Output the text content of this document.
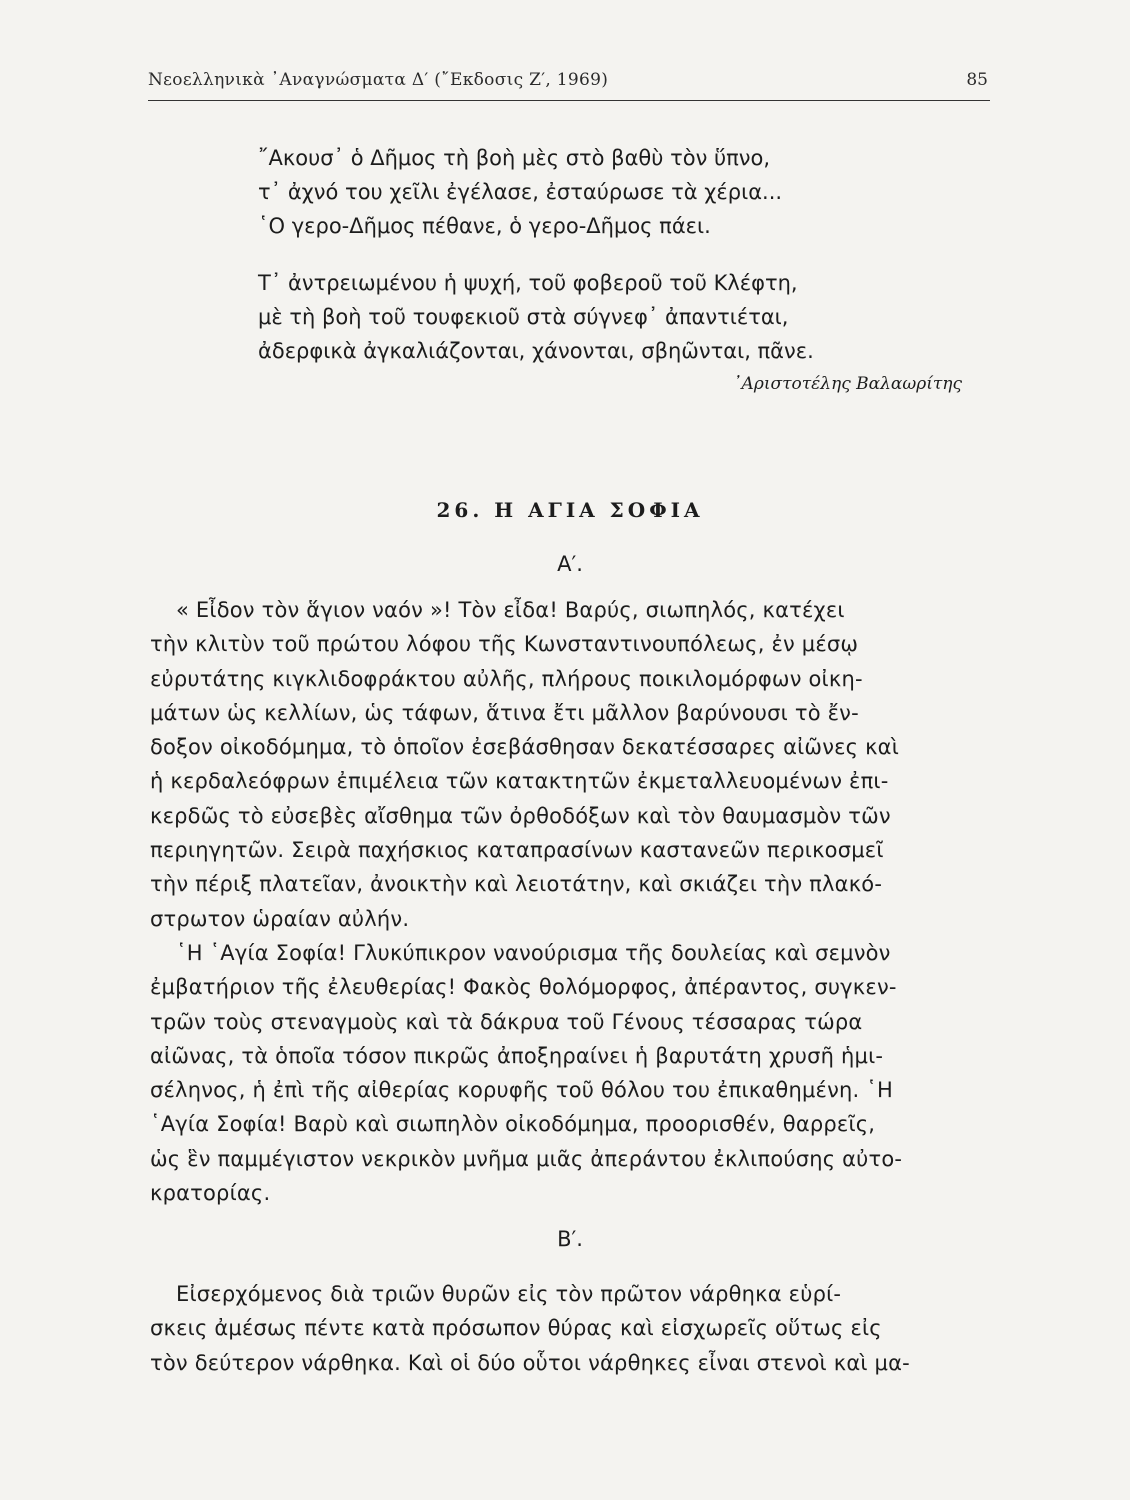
Νεοελληνικὰ ᾿Αναγνώσματα Δ′ (῎Εκδοσις Ζ′, 1969)	85
῎Ακουσ᾿ ὁ Δῆμος τὴ βοὴ μὲς στὸ βαθὺ τὸν ὕπνο,
τ᾿ ἀχνό του χεῖλι ἐγέλασε, ἐσταύρωσε τὰ χέρια...
῾Ο γερο-Δῆμος πέθανε, ὁ γερο-Δῆμος πάει.
Τ᾿ ἀντρειωμένου ἡ ψυχή, τοῦ φοβεροῦ τοῦ Κλέφτη,
μὲ τὴ βοὴ τοῦ τουφεκιοῦ στὰ σύγνεφ᾿ ἀπαντιέται,
ἀδερφικὰ ἀγκαλιάζονται, χάνονται, σβηῶνται, πᾶνε.
᾿Αριστοτέλης Βαλαωρίτης
26. Η ΑΓΙΑ ΣΟΦΙΑ
Α′.
« Εἶδον τὸν ἅγιον ναόν »! Τὸν εἶδα! Βαρύς, σιωπηλός, κατέχει
τὴν κλιτὺν τοῦ πρώτου λόφου τῆς Κωνσταντινουπόλεως, ἐν μέσῳ
εὐρυτάτης κιγκλιδοφράκτου αὐλῆς, πλήρους ποικιλομόρφων οἰκη-
μάτων ὡς κελλίων, ὡς τάφων, ἅτινα ἔτι μᾶλλον βαρύνουσι τὸ ἔν-
δοξον οἰκοδόμημα, τὸ ὁποῖον ἐσεβάσθησαν δεκατέσσαρες αἰῶνες καὶ
ἡ κερδαλεόφρων ἐπιμέλεια τῶν κατακτητῶν ἐκμεταλλευομένων ἐπι-
κερδῶς τὸ εὐσεβὲς αἴσθημα τῶν ὀρθοδόξων καὶ τὸν θαυμασμὸν τῶν
περιηγητῶν. Σειρὰ παχήσκιος καταπρασίνων καστανεῶν περικοσμεῖ
τὴν πέριξ πλατεῖαν, ἀνοικτὴν καὶ λειοτάτην, καὶ σκιάζει τὴν πλακό-
στρωτον ὡραίαν αὐλήν.
῾Η ῾Αγία Σοφία! Γλυκύπικρον νανούρισμα τῆς δουλείας καὶ σεμνὸν
ἐμβατήριον τῆς ἐλευθερίας! Φακὸς θολόμορφος, ἀπέραντος, συγκεν-
τρῶν τοὺς στεναγμοὺς καὶ τὰ δάκρυα τοῦ Γένους τέσσαρας τώρα
αἰῶνας, τὰ ὁποῖα τόσον πικρῶς ἀποξηραίνει ἡ βαρυτάτη χρυσῆ ἡμι-
σέληνος, ἡ ἐπὶ τῆς αἰθερίας κορυφῆς τοῦ θόλου του ἐπικαθημένη. ῾Η
῾Αγία Σοφία! Βαρὺ καὶ σιωπηλὸν οἰκοδόμημα, προορισθέν, θαρρεῖς,
ὡς ἓν παμμέγιστον νεκρικὸν μνῆμα μιᾶς ἀπεράντου ἐκλιπούσης αὐτο-
κρατορίας.
Β′.
Εἰσερχόμενος διὰ τριῶν θυρῶν εἰς τὸν πρῶτον νάρθηκα εὑρί-
σκεις ἀμέσως πέντε κατὰ πρόσωπον θύρας καὶ εἰσχωρεῖς οὕτως εἰς
τὸν δεύτερον νάρθηκα. Καὶ οἱ δύο οὗτοι νάρθηκες εἶναι στενοὶ καὶ μα-
